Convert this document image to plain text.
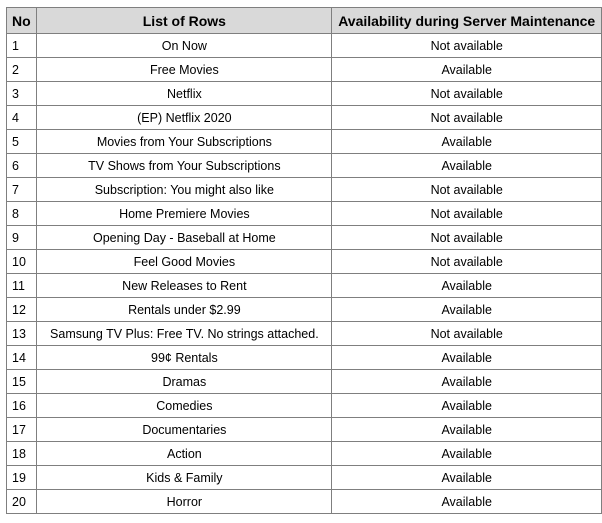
No	List of Rows	Availability during Server Maintenance
1	On Now	Not available
2	Free Movies	Available
3	Netflix	Not available
4	(EP) Netflix 2020	Not available
5	Movies from Your Subscriptions	Available
6	TV Shows from Your Subscriptions	Available
7	Subscription: You might also like	Not available
8	Home Premiere Movies	Not available
9	Opening Day - Baseball at Home	Not available
10	Feel Good Movies	Not available
11	New Releases to Rent	Available
12	Rentals under $2.99	Available
13	Samsung TV Plus: Free TV. No strings attached.	Not available
14	99¢ Rentals	Available
15	Dramas	Available
16	Comedies	Available
17	Documentaries	Available
18	Action	Available
19	Kids & Family	Available
20	Horror	Available
